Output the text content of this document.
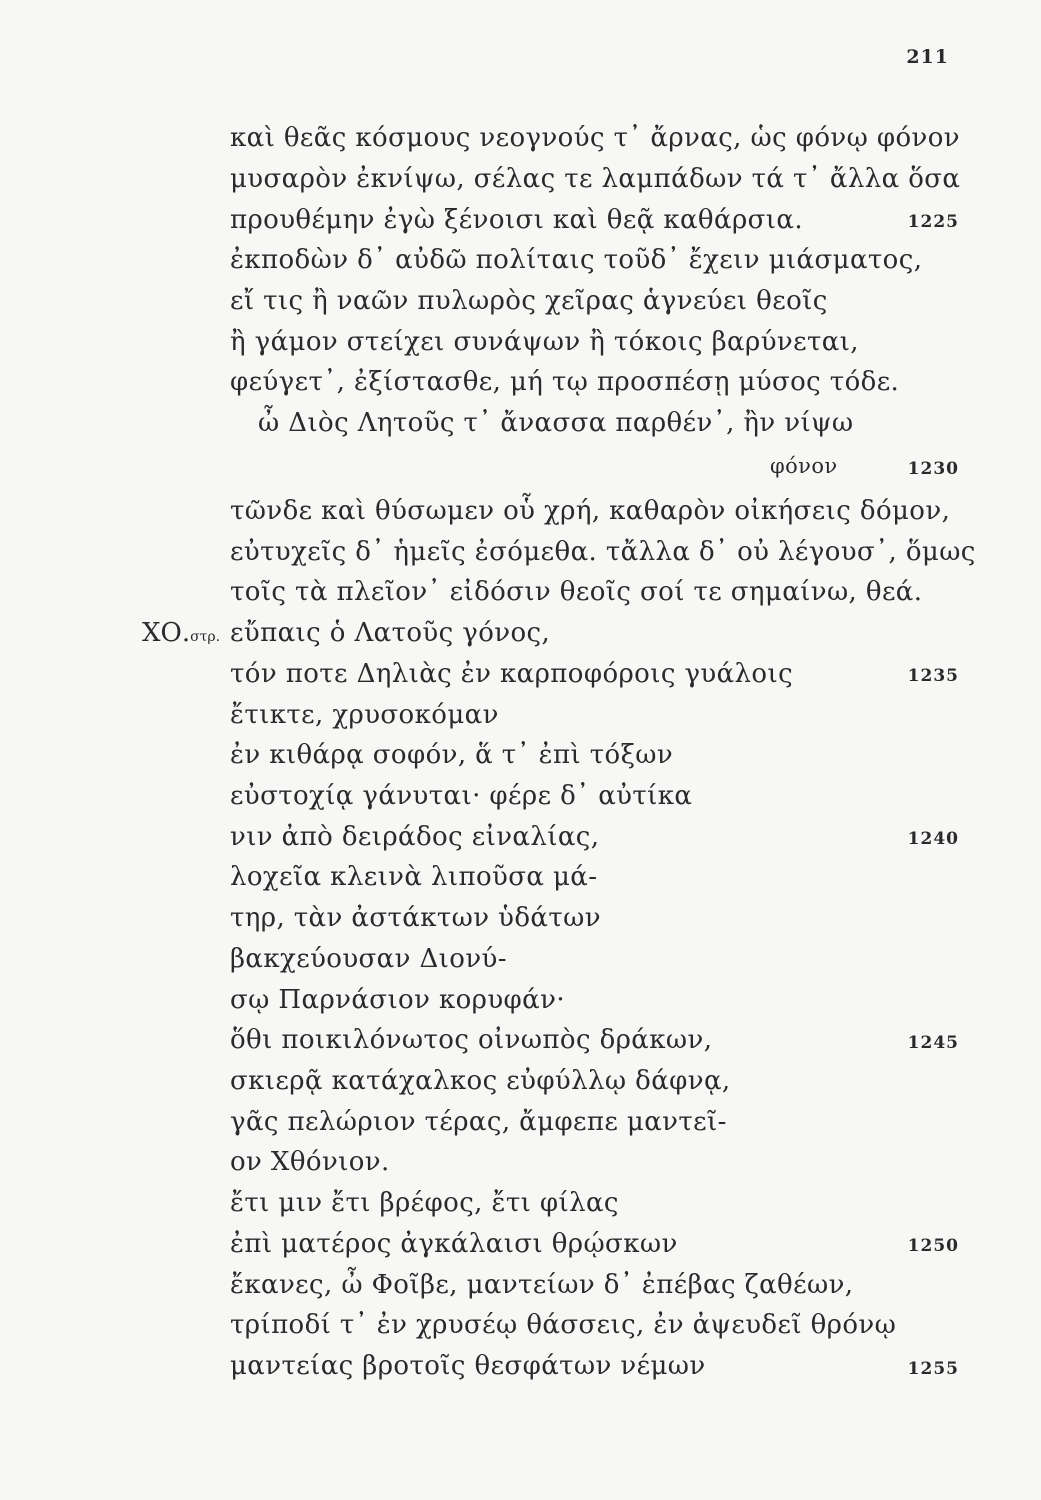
211
καὶ θεᾶς κόσμους νεογνούς τ᾿ ἄρνας, ὡς φόνῳ φόνον
μυσαρὸν ἐκνίψω, σέλας τε λαμπάδων τά τ᾿ ἄλλα ὅσα
προυθέμην ἐγὼ ξένοισι καὶ θεᾷ καθάρσια.	1225
ἐκποδὼν δ᾿ αὐδῶ πολίταις τοῦδ᾿ ἔχειν μιάσματος,
εἴ τις ἢ ναῶν πυλωρὸς χεῖρας ἁγνεύει θεοῖς
ἢ γάμον στείχει συνάψων ἢ τόκοις βαρύνεται,
φεύγετ᾿, ἐξίστασθε, μή τῳ προσπέσῃ μύσος τόδε.
ὦ Διὸς Λητοῦς τ᾿ ἄνασσα παρθέν᾿, ἢν νίψω
φόνον	1230
τῶνδε καὶ θύσωμεν οὗ χρή, καθαρὸν οἰκήσεις δόμον,
εὐτυχεῖς δ᾿ ἡμεῖς ἐσόμεθα. τἄλλα δ᾿ οὐ λέγουσ᾿, ὅμως
τοῖς τὰ πλεῖον᾿ εἰδόσιν θεοῖς σοί τε σημαίνω, θεά.
ΧΟ.στρ. εὔπαις ὁ Λατοῦς γόνος,
τόν ποτε Δηλιὰς ἐν καρποφόροις γυάλοις	1235
ἔτικτε, χρυσοκόμαν
ἐν κιθάρᾳ σοφόν, ἅ τ᾿ ἐπὶ τόξων
εὐστοχίᾳ γάνυται· φέρε δ᾿ αὐτίκα
νιν ἀπὸ δειράδος εἰναλίας,	1240
λοχεῖα κλεινὰ λιποῦσα μά-
τηρ, τὰν ἀστάκτων ὑδάτων
βακχεύουσαν Διονύ-
σῳ Παρνάσιον κορυφάν·
ὅθι ποικιλόνωτος οἰνωπὸς δράκων,	1245
σκιερᾷ κατάχαλκος εὐφύλλῳ δάφνᾳ,
γᾶς πελώριον τέρας, ἄμφεπε μαντεῖ-
ον Χθόνιον.
ἔτι μιν ἔτι βρέφος, ἔτι φίλας
ἐπὶ ματέρος ἀγκάλαισι θρῴσκων	1250
ἔκανες, ὦ Φοῖβε, μαντείων δ᾿ ἐπέβας ζαθέων,
τρίποδί τ᾿ ἐν χρυσέῳ θάσσεις, ἐν ἀψευδεῖ θρόνῳ
μαντείας βροτοῖς θεσφάτων νέμων	1255
